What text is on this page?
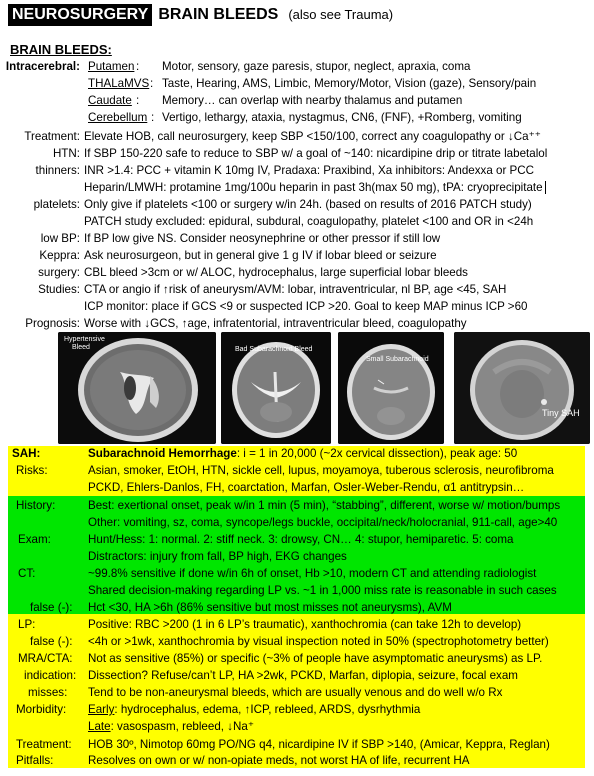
NEUROSURGERY BRAIN BLEEDS (also see Trauma)
BRAIN BLEEDS:
Intracerebral: Putamen : Motor, sensory, gaze paresis, stupor, neglect, apraxia, coma
THALaMVS : Taste, Hearing, AMS, Limbic, Memory/Motor, Vision (gaze), Sensory/pain
Caudate : Memory… can overlap with nearby thalamus and putamen
Cerebellum : Vertigo, lethargy, ataxia, nystagmus, CN6, (FNF), +Romberg, vomiting
Treatment: Elevate HOB, call neurosurgery, keep SBP <150/100, correct any coagulopathy or ↓Ca⁺⁺
HTN: If SBP 150-220 safe to reduce to SBP w/ a goal of ~140: nicardipine drip or titrate labetalol
thinners: INR >1.4: PCC + vitamin K 10mg IV, Pradaxa: Praxibind, Xa inhibitors: Andexxa or PCC
Heparin/LMWH: protamine 1mg/100u heparin in past 3h(max 50 mg), tPA: cryoprecipitate
platelets: Only give if platelets <100 or surgery w/in 24h. (based on results of 2016 PATCH study)
PATCH study excluded: epidural, subdural, coagulopathy, platelet <100 and OR in <24h
low BP: If BP low give NS. Consider neosynephrine or other pressor if still low
Keppra: Ask neurosurgeon, but in general give 1 g IV if lobar bleed or seizure
surgery: CBL bleed >3cm or w/ ALOC, hydrocephalus, large superficial lobar bleeds
Studies: CTA or angio if ↑risk of aneurysm/AVM: lobar, intraventricular, nl BP, age <45, SAH
ICP monitor: place if GCS <9 or suspected ICP >20. Goal to keep MAP minus ICP >60
Prognosis: Worse with ↓GCS, ↑age, infratentorial, intraventricular bleed, coagulopathy
Hypertensive
Bleed	Bad Subarachnoid Bleed
Small Subarachnoid
Tiny SAH
SAH:	Subarachnoid Hemorrhage: i = 1 in 20,000 (~2x cervical dissection), peak age: 50
Risks:	Asian, smoker, EtOH, HTN, sickle cell, lupus, moyamoya, tuberous sclerosis, neurofibroma
PCKD, Ehlers-Danlos, FH, coarctation, Marfan, Osler-Weber-Rendu, α1 antitrypsin…
History:	Best: exertional onset, peak w/in 1 min (5 min), “stabbing”, different, worse w/ motion/bumps
Other: vomiting, sz, coma, syncope/legs buckle, occipital/neck/holocranial, 911-call, age>40
Exam:	Hunt/Hess: 1: normal. 2: stiff neck. 3: drowsy, CN… 4: stupor, hemiparetic. 5: coma
Distractors: injury from fall, BP high, EKG changes
CT:	~99.8% sensitive if done w/in 6h of onset, Hb >10, modern CT and attending radiologist
Shared decision-making regarding LP vs. ~1 in 1,000 miss rate is reasonable in such cases
false (-):	Hct <30, HA >6h (86% sensitive but most misses not aneurysms), AVM
LP:	Positive: RBC >200 (1 in 6 LP’s traumatic), xanthochromia (can take 12h to develop)
false (-):	<4h or >1wk, xanthochromia by visual inspection noted in 50% (spectrophotometry better)
MRA/CTA:	Not as sensitive (85%) or specific (~3% of people have asymptomatic aneurysms) as LP.
indication:	Dissection? Refuse/can’t LP, HA >2wk, PCKD, Marfan, diplopia, seizure, focal exam
misses:	Tend to be non-aneurysmal bleeds, which are usually venous and do well w/o Rx
Morbidity:	Early: hydrocephalus, edema, ↑ICP, rebleed, ARDS, dysrhythmia
Late: vasospasm, rebleed, ↓Na⁺
Treatment:	HOB 30º, Nimotop 60mg PO/NG q4, nicardipine IV if SBP >140, (Amicar, Keppra, Reglan)
Pitfalls:	Resolves on own or w/ non-opiate meds, not worst HA of life, recurrent HA
